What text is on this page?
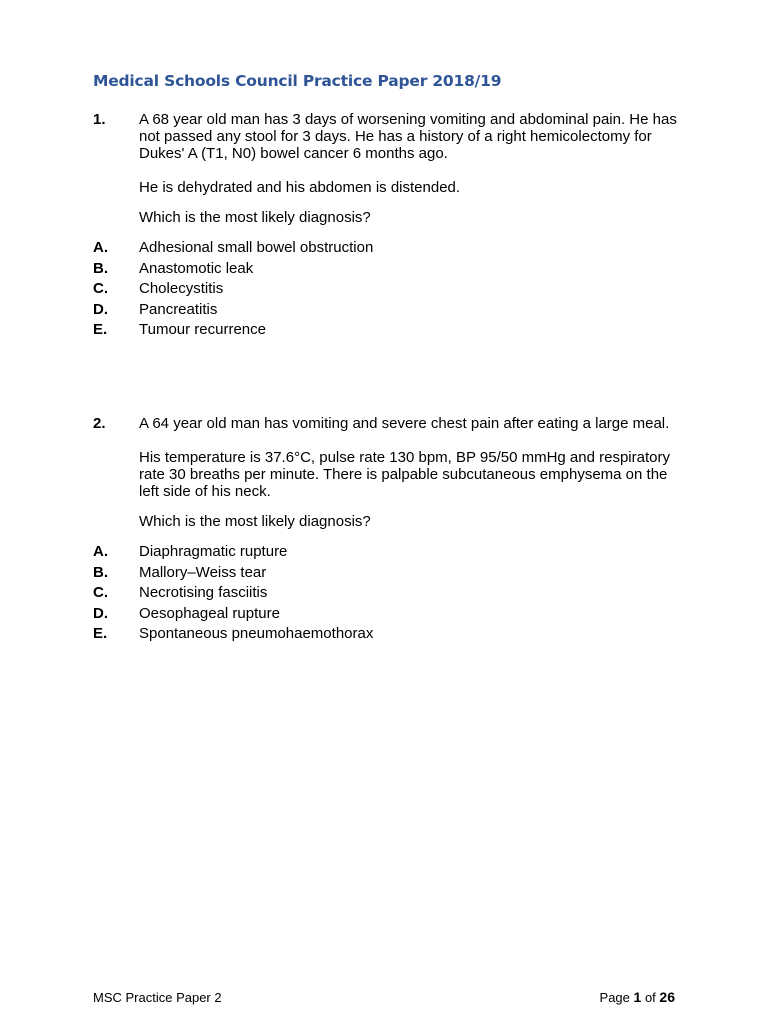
Medical Schools Council Practice Paper 2018/19
1.	A 68 year old man has 3 days of worsening vomiting and abdominal pain. He has not passed any stool for 3 days. He has a history of a right hemicolectomy for Dukes' A (T1, N0) bowel cancer 6 months ago.

He is dehydrated and his abdomen is distended.

Which is the most likely diagnosis?

A.	Adhesional small bowel obstruction
B.	Anastomotic leak
C.	Cholecystitis
D.	Pancreatitis
E.	Tumour recurrence
2.	A 64 year old man has vomiting and severe chest pain after eating a large meal.

His temperature is 37.6°C, pulse rate 130 bpm, BP 95/50 mmHg and respiratory rate 30 breaths per minute. There is palpable subcutaneous emphysema on the left side of his neck.

Which is the most likely diagnosis?

A.	Diaphragmatic rupture
B.	Mallory–Weiss tear
C.	Necrotising fasciitis
D.	Oesophageal rupture
E.	Spontaneous pneumohaemothorax
MSC Practice Paper 2	Page 1 of 26
